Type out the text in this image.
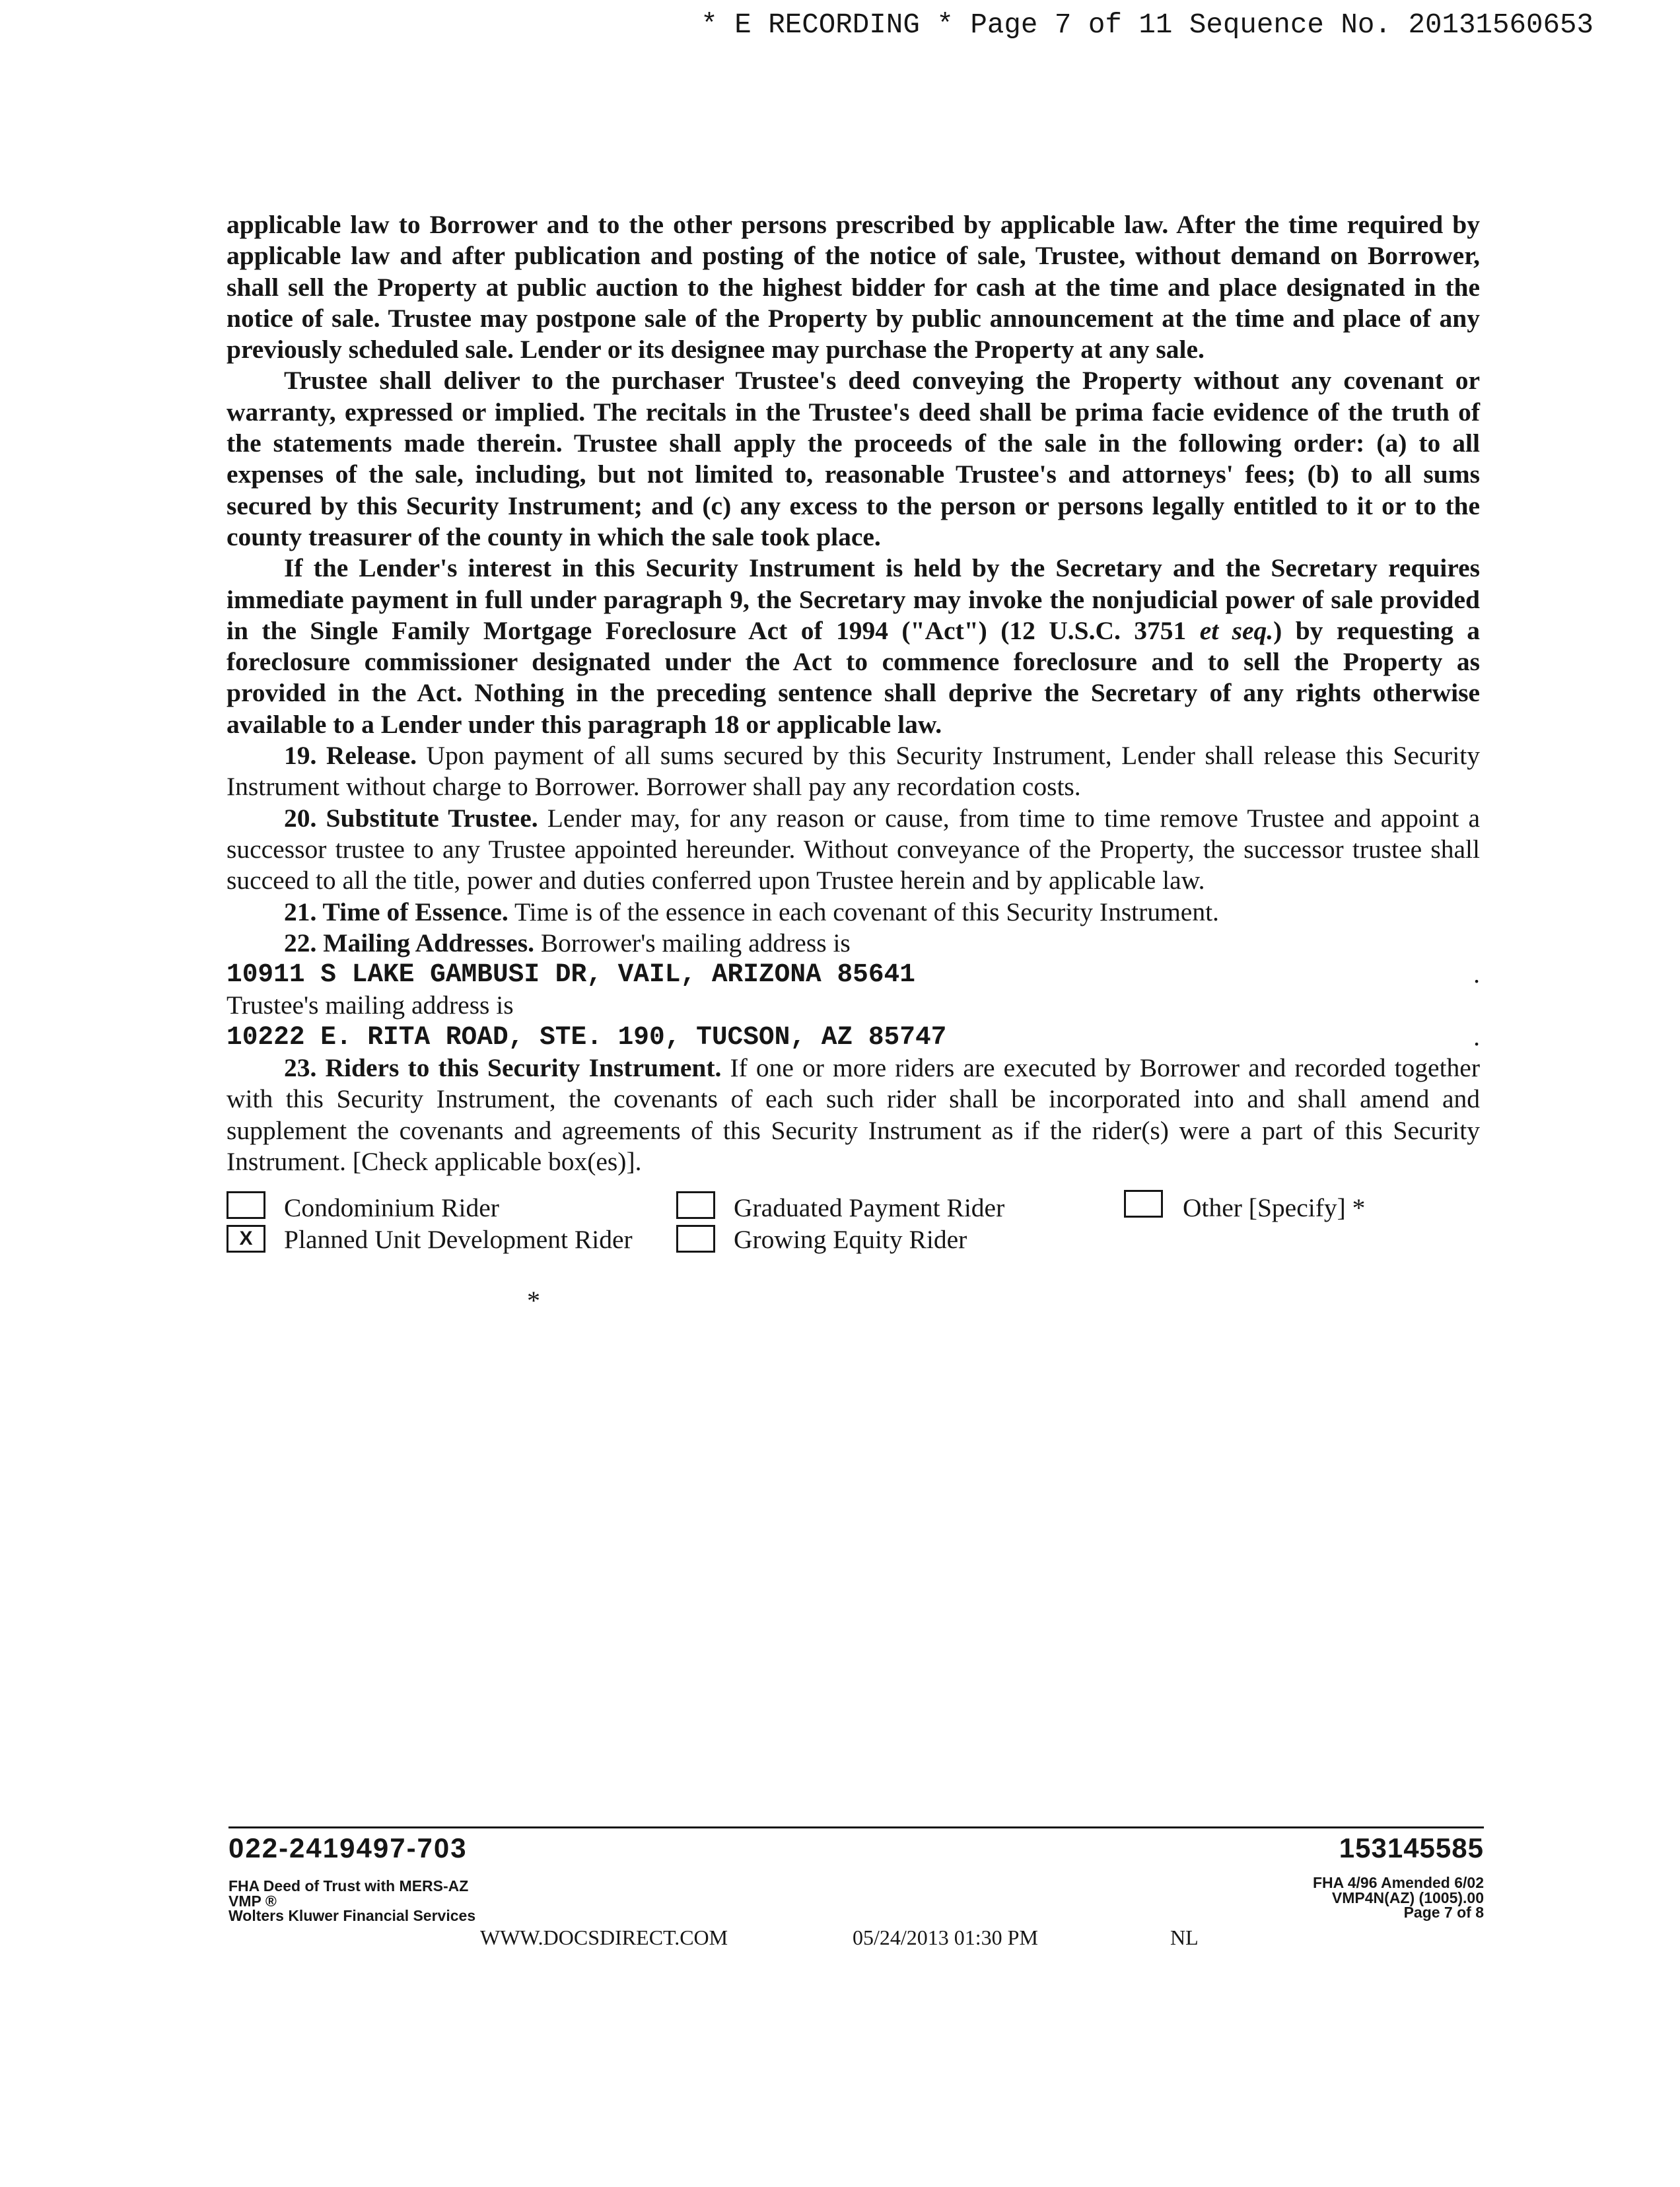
* E RECORDING * Page 7 of 11 Sequence No. 20131560653
applicable law to Borrower and to the other persons prescribed by applicable law. After the time required by
applicable law and after publication and posting of the notice of sale, Trustee, without demand on Borrower,
shall sell the Property at public auction to the highest bidder for cash at the time and place designated in the
notice of sale. Trustee may postpone sale of the Property by public announcement at the time and place of any
previously scheduled sale. Lender or its designee may purchase the Property at any sale.
Trustee shall deliver to the purchaser Trustee's deed conveying the Property without any covenant or
warranty, expressed or implied. The recitals in the Trustee's deed shall be prima facie evidence of the truth of
the statements made therein. Trustee shall apply the proceeds of the sale in the following order: (a) to all
expenses of the sale, including, but not limited to, reasonable Trustee's and attorneys' fees; (b) to all sums
secured by this Security Instrument; and (c) any excess to the person or persons legally entitled to it or to the
county treasurer of the county in which the sale took place.
If the Lender's interest in this Security Instrument is held by the Secretary and the Secretary requires
immediate payment in full under paragraph 9, the Secretary may invoke the nonjudicial power of sale provided
in the Single Family Mortgage Foreclosure Act of 1994 ("Act") (12 U.S.C. 3751 et seq.) by requesting a
foreclosure commissioner designated under the Act to commence foreclosure and to sell the Property as
provided in the Act. Nothing in the preceding sentence shall deprive the Secretary of any rights otherwise
available to a Lender under this paragraph 18 or applicable law.
19. Release. Upon payment of all sums secured by this Security Instrument, Lender shall release this Security
Instrument without charge to Borrower. Borrower shall pay any recordation costs.
20. Substitute Trustee. Lender may, for any reason or cause, from time to time remove Trustee and appoint a
successor trustee to any Trustee appointed hereunder. Without conveyance of the Property, the successor trustee shall
succeed to all the title, power and duties conferred upon Trustee herein and by applicable law.
21. Time of Essence. Time is of the essence in each covenant of this Security Instrument.
22. Mailing Addresses. Borrower's mailing address is
10911 S LAKE GAMBUSI DR, VAIL, ARIZONA 85641	.
Trustee's mailing address is
10222 E. RITA ROAD, STE. 190, TUCSON, AZ 85747	.
23. Riders to this Security Instrument. If one or more riders are executed by Borrower and recorded together
with this Security Instrument, the covenants of each such rider shall be incorporated into and shall amend and
supplement the covenants and agreements of this Security Instrument as if the rider(s) were a part of this Security
Instrument. [Check applicable box(es)].
Condominium Rider	Graduated Payment Rider	Other [Specify] *
X	Planned Unit Development Rider	Growing Equity Rider
*
022-2419497-703	153145585
FHA Deed of Trust with MERS-AZ
VMP ®
Wolters Kluwer Financial Services
FHA 4/96 Amended 6/02
VMP4N(AZ) (1005).00
Page 7 of 8
WWW.DOCSDIRECT.COM	05/24/2013 01:30 PM	NL
